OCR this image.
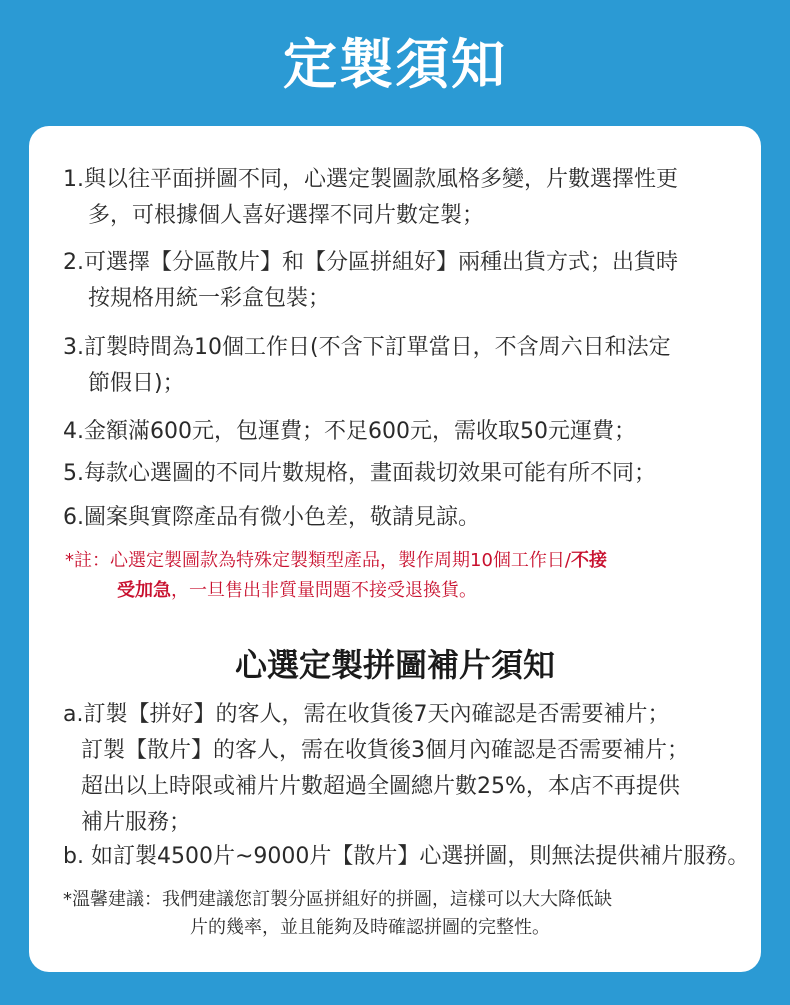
定製須知
1.與以往平面拼圖不同，心選定製圖款風格多變，片數選擇性更
多，可根據個人喜好選擇不同片數定製；
2.可選擇【分區散片】和【分區拼組好】兩種出貨方式；出貨時
按規格用統一彩盒包裝；
3.訂製時間為10個工作日(不含下訂單當日，不含周六日和法定
節假日)；
4.金額滿600元，包運費；不足600元，需收取50元運費；
5.每款心選圖的不同片數規格，畫面裁切效果可能有所不同；
6.圖案與實際產品有微小色差，敬請見諒。
*註：心選定製圖款為特殊定製類型產品，製作周期10個工作日/不接
受加急，一旦售出非質量問題不接受退換貨。
心選定製拼圖補片須知
a.訂製【拼好】的客人，需在收貨後7天內確認是否需要補片；
訂製【散片】的客人，需在收貨後3個月內確認是否需要補片；
超出以上時限或補片片數超過全圖總片數25%，本店不再提供
補片服務；
b. 如訂製4500片~9000片【散片】心選拼圖，則無法提供補片服務。
*溫馨建議：我們建議您訂製分區拼組好的拼圖，這樣可以大大降低缺
片的幾率，並且能夠及時確認拼圖的完整性。
